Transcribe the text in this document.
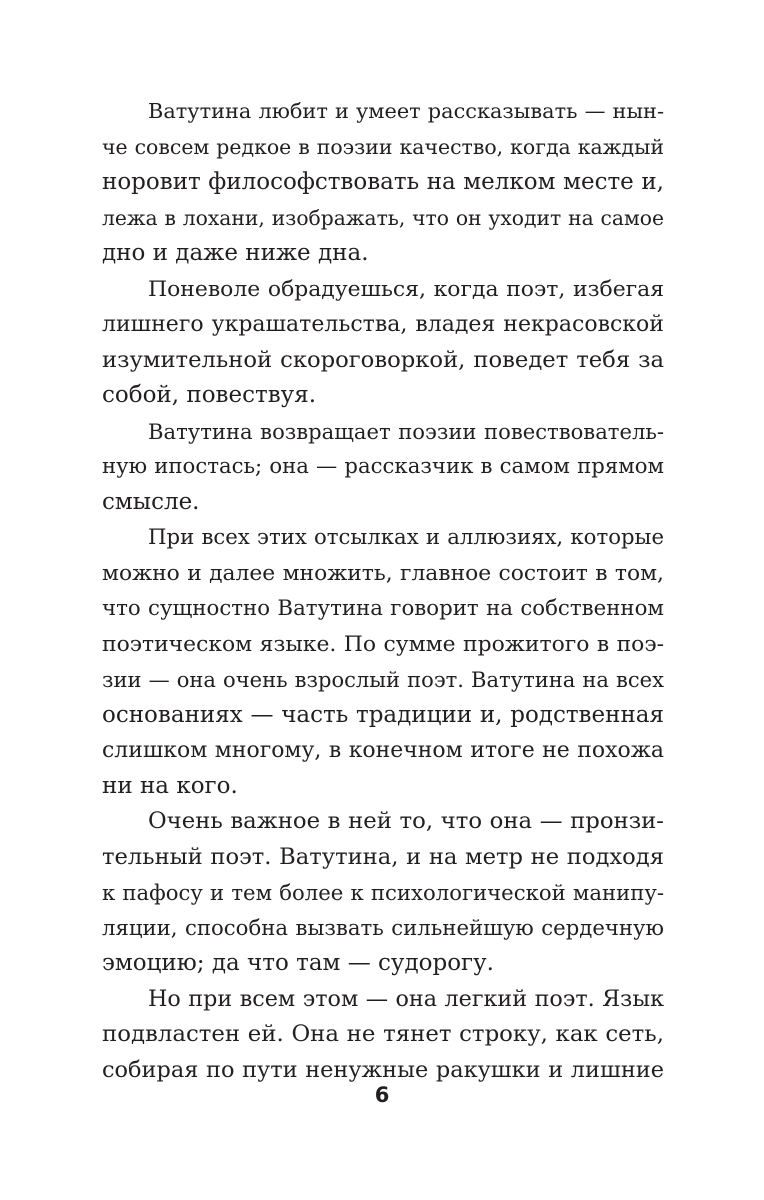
Ватутина любит и умеет рассказывать — нын-
че совсем редкое в поэзии качество, когда каждый
норовит философствовать на мелком месте и,
лежа в лохани, изображать, что он уходит на самое
дно и даже ниже дна.
Поневоле обрадуешься, когда поэт, избегая
лишнего украшательства, владея некрасовской
изумительной скороговоркой, поведет тебя за
собой, повествуя.
Ватутина возвращает поэзии повествователь-
ную ипостась; она — рассказчик в самом прямом
смысле.
При всех этих отсылках и аллюзиях, которые
можно и далее множить, главное состоит в том,
что сущностно Ватутина говорит на собственном
поэтическом языке. По сумме прожитого в поэ-
зии — она очень взрослый поэт. Ватутина на всех
основаниях — часть традиции и, родственная
слишком многому, в конечном итоге не похожа
ни на кого.
Очень важное в ней то, что она — пронзи-
тельный поэт. Ватутина, и на метр не подходя
к пафосу и тем более к психологической манипу-
ляции, способна вызвать сильнейшую сердечную
эмоцию; да что там — судорогу.
Но при всем этом — она легкий поэт. Язык
подвластен ей. Она не тянет строку, как сеть,
собирая по пути ненужные ракушки и лишние
6
